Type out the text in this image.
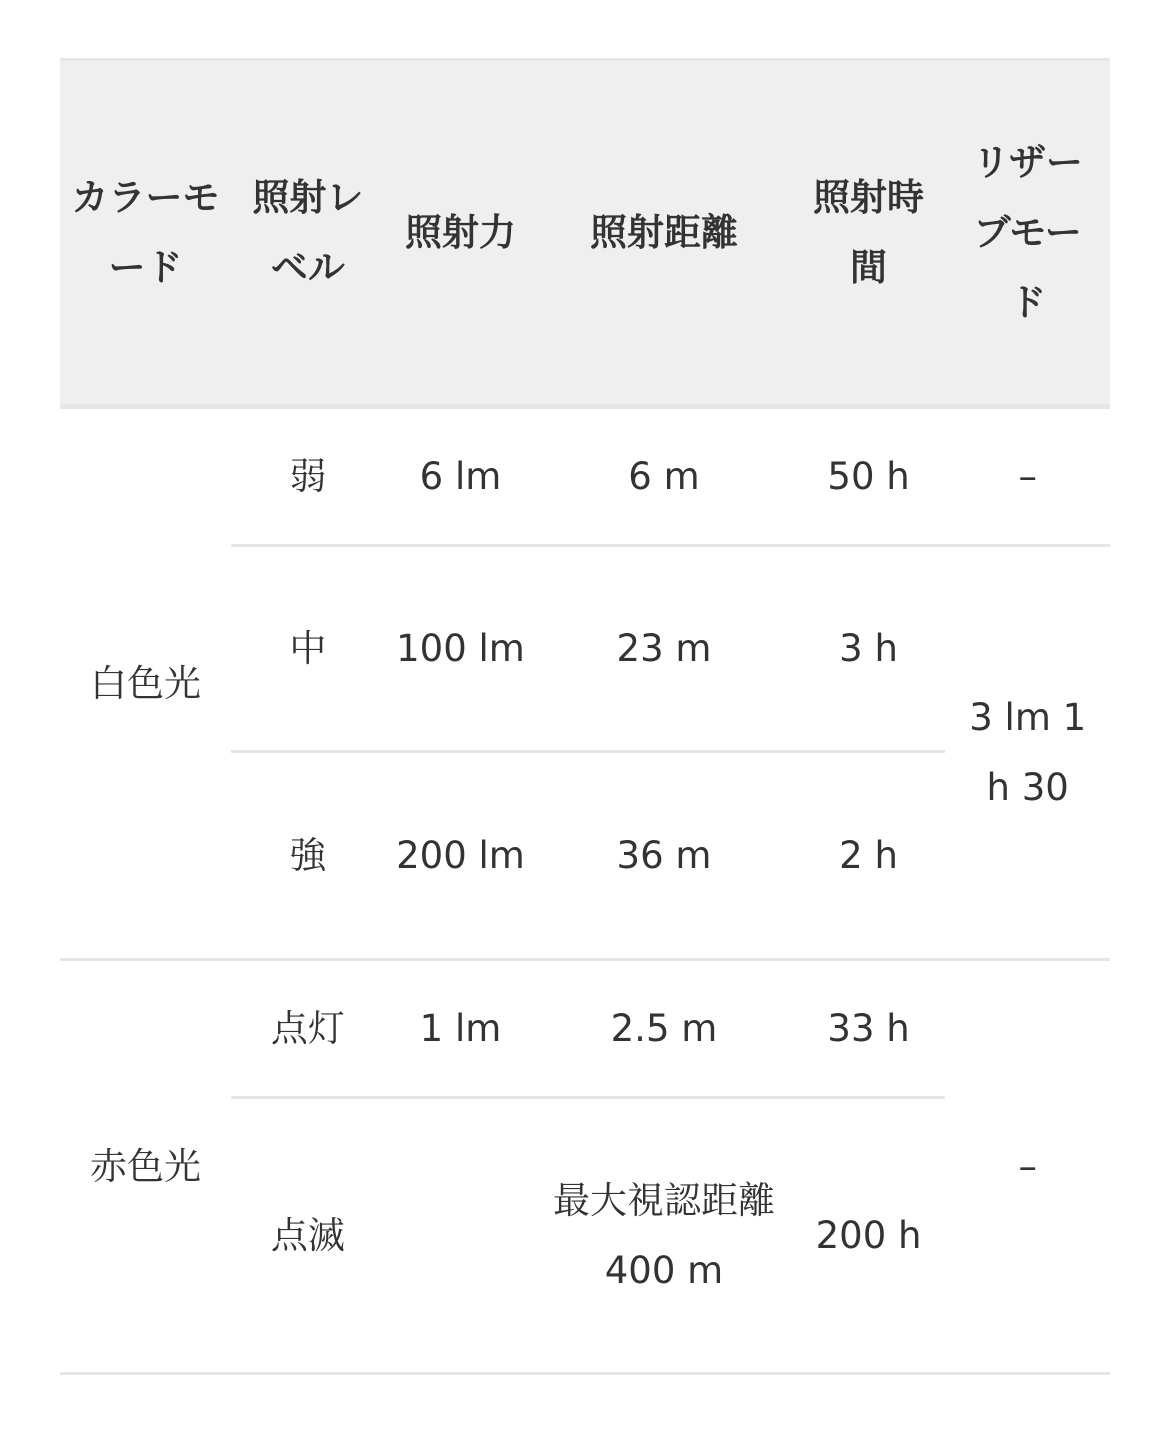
カラーモード	照射レベル	照射力	照射距離	照射時間	リザーブモード
白色光	弱	6 lm	6 m	50 h	–
	中	100 lm	23 m	3 h	3 lm 1 h 30
	強	200 lm	36 m	2 h	
赤色光	点灯	1 lm	2.5 m	33 h	–
	点滅		最大視認距離 400 m	200 h	
